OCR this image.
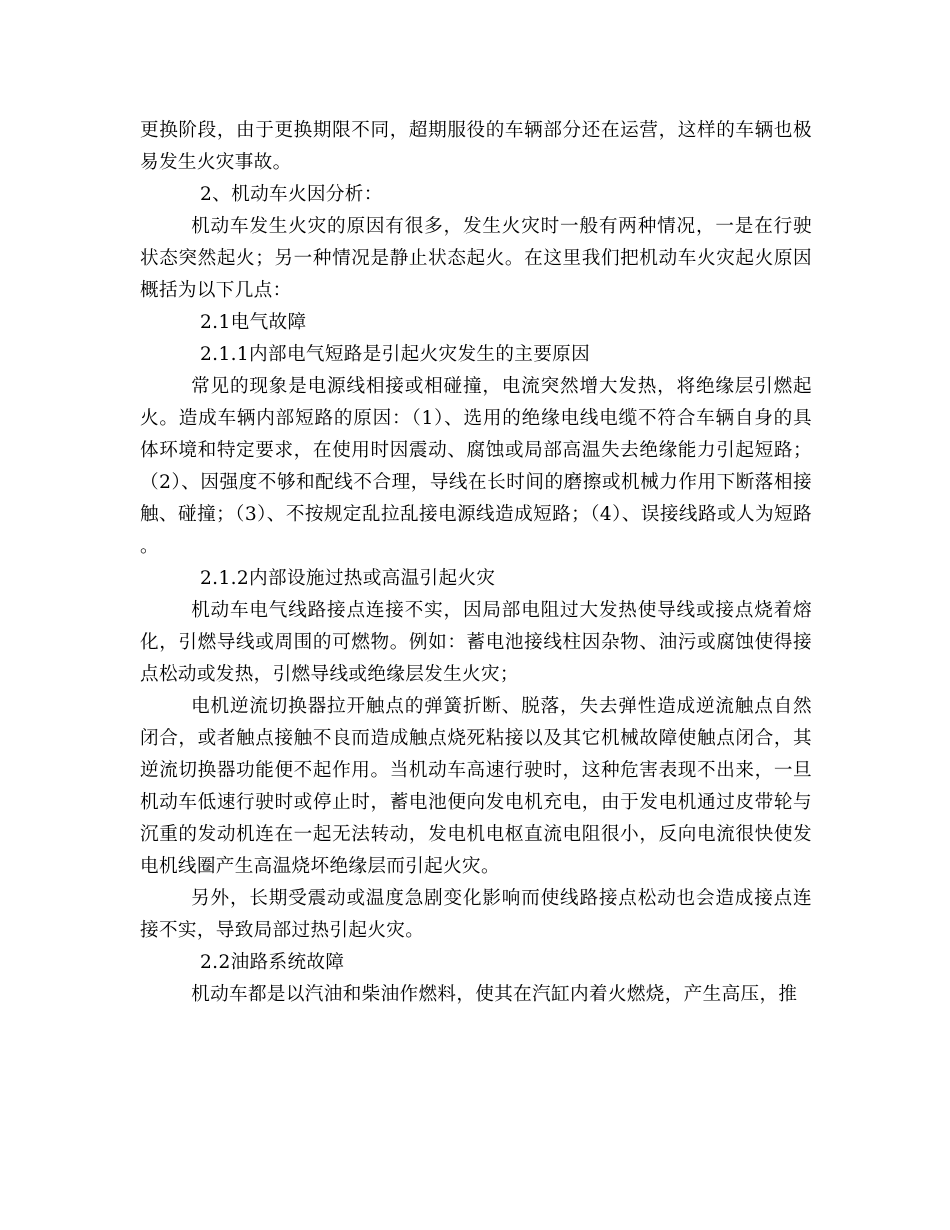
更换阶段，由于更换期限不同，超期服役的车辆部分还在运营，这样的车辆也极易发生火灾事故。

2、机动车火因分析：

机动车发生火灾的原因有很多，发生火灾时一般有两种情况，一是在行驶状态突然起火；另一种情况是静止状态起火。在这里我们把机动车火灾起火原因概括为以下几点：

2.1电气故障

2.1.1内部电气短路是引起火灾发生的主要原因

常见的现象是电源线相接或相碰撞，电流突然增大发热，将绝缘层引燃起火。造成车辆内部短路的原因：（1）、选用的绝缘电线电缆不符合车辆自身的具体环境和特定要求，在使用时因震动、腐蚀或局部高温失去绝缘能力引起短路；（2）、因强度不够和配线不合理，导线在长时间的磨擦或机械力作用下断落相接触、碰撞；（3）、不按规定乱拉乱接电源线造成短路；（4）、误接线路或人为短路。

2.1.2内部设施过热或高温引起火灾

机动车电气线路接点连接不实，因局部电阻过大发热使导线或接点烧着熔化，引燃导线或周围的可燃物。例如：蓄电池接线柱因杂物、油污或腐蚀使得接点松动或发热，引燃导线或绝缘层发生火灾；

电机逆流切换器拉开触点的弹簧折断、脱落，失去弹性造成逆流触点自然闭合，或者触点接触不良而造成触点烧死粘接以及其它机械故障使触点闭合，其逆流切换器功能便不起作用。当机动车高速行驶时，这种危害表现不出来，一旦机动车低速行驶时或停止时，蓄电池便向发电机充电，由于发电机通过皮带轮与沉重的发动机连在一起无法转动，发电机电枢直流电阻很小，反向电流很快使发电机线圈产生高温烧坏绝缘层而引起火灾。

另外，长期受震动或温度急剧变化影响而使线路接点松动也会造成接点连接不实，导致局部过热引起火灾。

2.2油路系统故障

机动车都是以汽油和柴油作燃料，使其在汽缸内着火燃烧，产生高压，推
